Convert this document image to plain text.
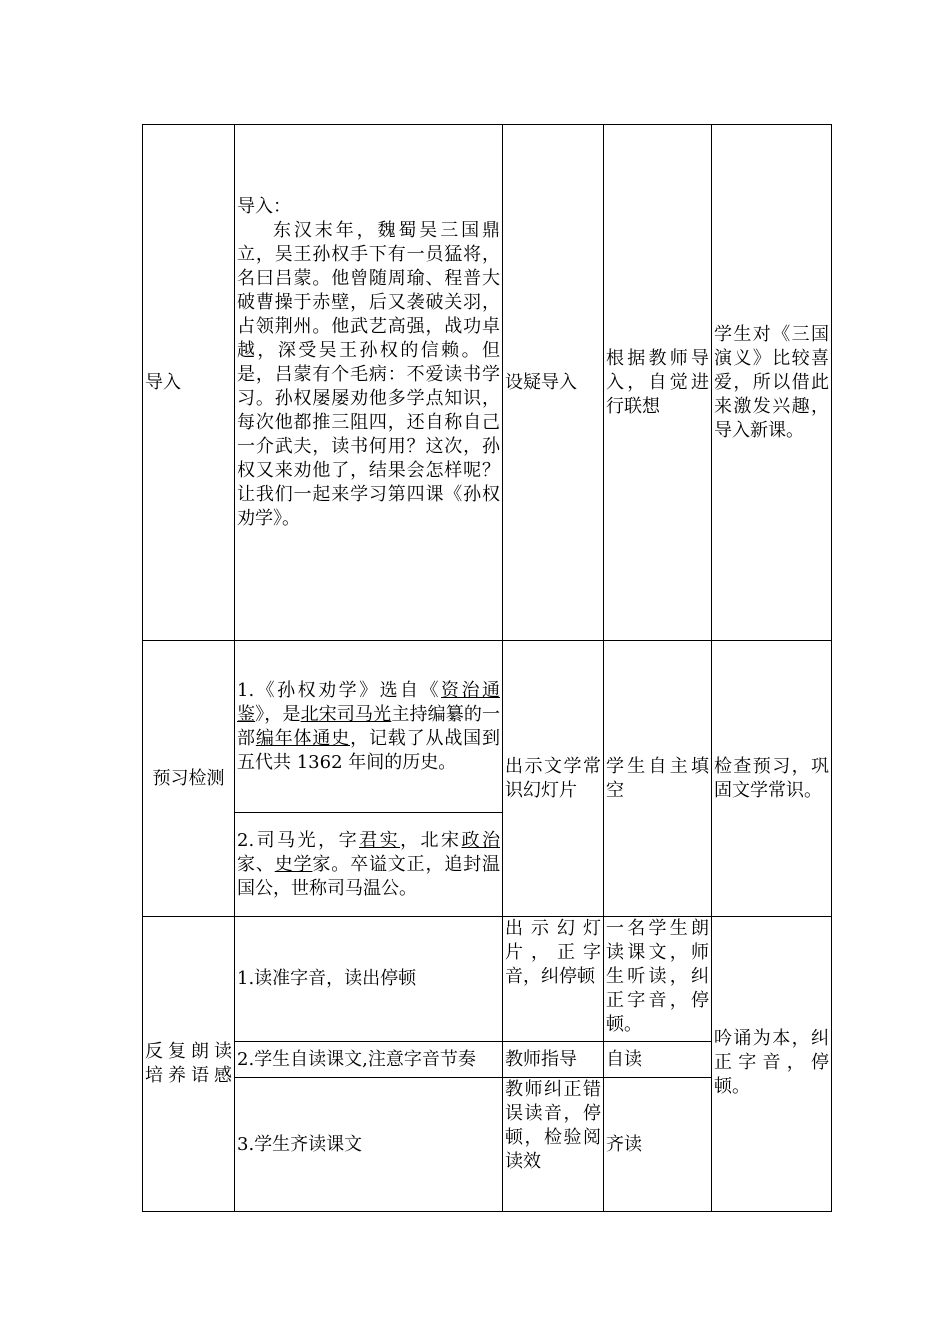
导入	导入：
东汉末年，魏蜀吴三国鼎立，吴王孙权手下有一员猛将，名曰吕蒙。他曾随周瑜、程普大破曹操于赤壁，后又袭破关羽，占领荆州。他武艺高强，战功卓越，深受吴王孙权的信赖。但是，吕蒙有个毛病：不爱读书学习。孙权屡屡劝他多学点知识，每次他都推三阻四，还自称自己一介武夫，读书何用？这次，孙权又来劝他了，结果会怎样呢？让我们一起来学习第四课《孙权劝学》。	设疑导入	根据教师导入，自觉进行联想	学生对《三国演义》比较喜爱，所以借此来激发兴趣，导入新课。
预习检测	1.《孙权劝学》选自《资治通鉴》，是北宋司马光主持编纂的一部编年体通史，记载了从战国到五代共 1362 年间的历史。	出示文学常识幻灯片	学生自主填空	检查预习，巩固文学常识。
	2.司马光，字君实，北宋政治家、史学家。卒谥文正，追封温国公，世称司马温公。			

反复朗读培养语感	1.读准字音，读出停顿	出示幻灯片，正字音，纠停顿	一名学生朗读课文，师生听读，纠正字音，停顿。	吟诵为本，纠正字音，停顿。
	2.学生自读课文,注意字音节奏	教师指导	自读	
	3.学生齐读课文	教师纠正错误读音，停顿，检验阅读效	齐读	
